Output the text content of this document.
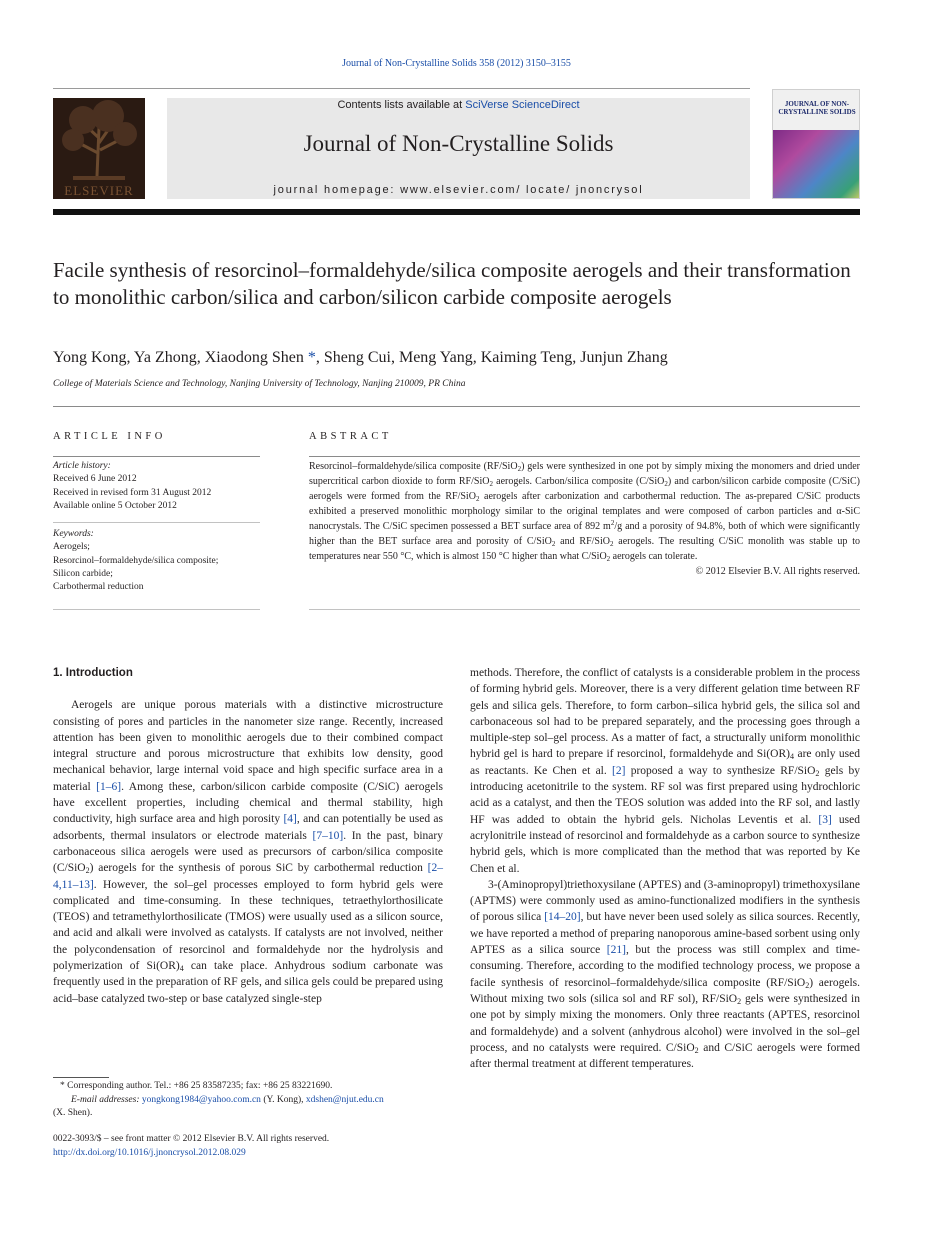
Journal of Non-Crystalline Solids 358 (2012) 3150–3155
ELSEVIER
Contents lists available at SciVerse ScienceDirect
Journal of Non-Crystalline Solids
journal homepage: www.elsevier.com/ locate/ jnoncrysol
JOURNAL OF NON-CRYSTALLINE SOLIDS
Facile synthesis of resorcinol–formaldehyde/silica composite aerogels and their transformation to monolithic carbon/silica and carbon/silicon carbide composite aerogels
Yong Kong, Ya Zhong, Xiaodong Shen *, Sheng Cui, Meng Yang, Kaiming Teng, Junjun Zhang
College of Materials Science and Technology, Nanjing University of Technology, Nanjing 210009, PR China
ARTICLE INFO

Article history:

Received 6 June 2012

Received in revised form 31 August 2012

Available online 5 October 2012

Keywords:

Aerogels;

Resorcinol–formaldehyde/silica composite;

Silicon carbide;

Carbothermal reduction

ABSTRACT

Resorcinol–formaldehyde/silica composite (RF/SiO$_2$) gels were synthesized in one pot by simply mixing the monomers and dried under supercritical carbon dioxide to form RF/SiO$_2$ aerogels. Carbon/silica composite (C/SiO$_2$) and carbon/silicon carbide composite (C/SiC) aerogels were formed from the RF/SiO$_2$ aerogels after carbonization and carbothermal reduction. The as-prepared C/SiC products exhibited a preserved monolithic morphology similar to the original templates and were composed of carbon particles and α-SiC nanocrystals. The C/SiC specimen possessed a BET surface area of 892 $m^2/g$ and a porosity of 94.8%, both of which were significantly higher than the BET surface area and porosity of C/SiO$_2$ and RF/SiO$_2$ aerogels. The resulting C/SiC monolith was stable up to temperatures near 550 °C, which is almost 150 °C higher than what C/SiO$_2$ aerogels can tolerate.

© 2012 Elsevier B.V. All rights reserved.

1. Introduction

Aerogels are unique porous materials with a distinctive microstructure consisting of pores and particles in the nanometer size range. Recently, increased attention has been given to monolithic aerogels due to their combined compact integral structure and porous microstructure that exhibits low density, good mechanical behavior, large internal void space and high specific surface area in a material [1–6]. Among these, carbon/silicon carbide composite (C/SiC) aerogels have excellent properties, including chemical and thermal stability, high conductivity, high surface area and high porosity [4], and can potentially be used as adsorbents, thermal insulators or electrode materials [7–10]. In the past, binary carbonaceous silica aerogels were used as precursors of carbon/silica composite (C/SiO$_2$) aerogels for the synthesis of porous SiC by carbothermal reduction [2–4,11–13]. However, the sol–gel processes employed to form hybrid gels were complicated and time-consuming. In these techniques, tetraethylorthosilicate (TEOS) and tetramethylorthosilicate (TMOS) were usually used as a silicon source, and acid and alkali were involved as catalysts. If catalysts are not involved, neither the polycondensation of resorcinol and formaldehyde nor the hydrolysis and polymerization of $Si(OR)_4$ can take place. Anhydrous sodium carbonate was frequently used in the preparation of RF gels, and silica gels could be prepared using acid–base catalyzed two-step or base catalyzed single-step

* Corresponding author. Tel.: +86 25 83587235; fax: +86 25 83221690.

E-mail addresses: yongkong1984@yahoo.com.cn (Y. Kong), xdshen@njut.edu.cn

(X. Shen).

0022-3093/$ – see front matter © 2012 Elsevier B.V. All rights reserved.

http://dx.doi.org/10.1016/j.jnoncrysol.2012.08.029

methods. Therefore, the conflict of catalysts is a considerable problem in the process of forming hybrid gels. Moreover, there is a very different gelation time between RF gels and silica gels. Therefore, to form carbon–silica hybrid gels, the silica sol and carbonaceous sol had to be prepared separately, and the processing goes through a multiple-step sol–gel process. As a matter of fact, a structurally uniform monolithic hybrid gel is hard to prepare if resorcinol, formaldehyde and $Si(OR)_4$ are only used as reactants. Ke Chen et al. [2] proposed a way to synthesize RF/SiO$_2$ gels by introducing acetonitrile to the system. RF sol was first prepared using hydrochloric acid as a catalyst, and then the TEOS solution was added into the RF sol, and lastly HF was added to obtain the hybrid gels. Nicholas Leventis et al. [3] used acrylonitrile instead of resorcinol and formaldehyde as a carbon source to synthesize hybrid gels, which is more complicated than the method that was reported by Ke Chen et al.

3-(Aminopropyl)triethoxysilane (APTES) and (3-aminopropyl) trimethoxysilane (APTMS) were commonly used as amino-functionalized modifiers in the synthesis of porous silica [14–20], but have never been used solely as silica sources. Recently, we have reported a method of preparing nanoporous amine-based sorbent using only APTES as a silica source [21], but the process was still complex and time-consuming. Therefore, according to the modified technology process, we propose a facile synthesis of resorcinol–formaldehyde/silica composite (RF/SiO$_2$) aerogels. Without mixing two sols (silica sol and RF sol), RF/SiO$_2$ gels were synthesized in one pot by simply mixing the monomers. Only three reactants (APTES, resorcinol and formaldehyde) and a solvent (anhydrous alcohol) were involved in the sol–gel process, and no catalysts were required. C/SiO$_2$ and C/SiC aerogels were formed after thermal treatment at different temperatures.
